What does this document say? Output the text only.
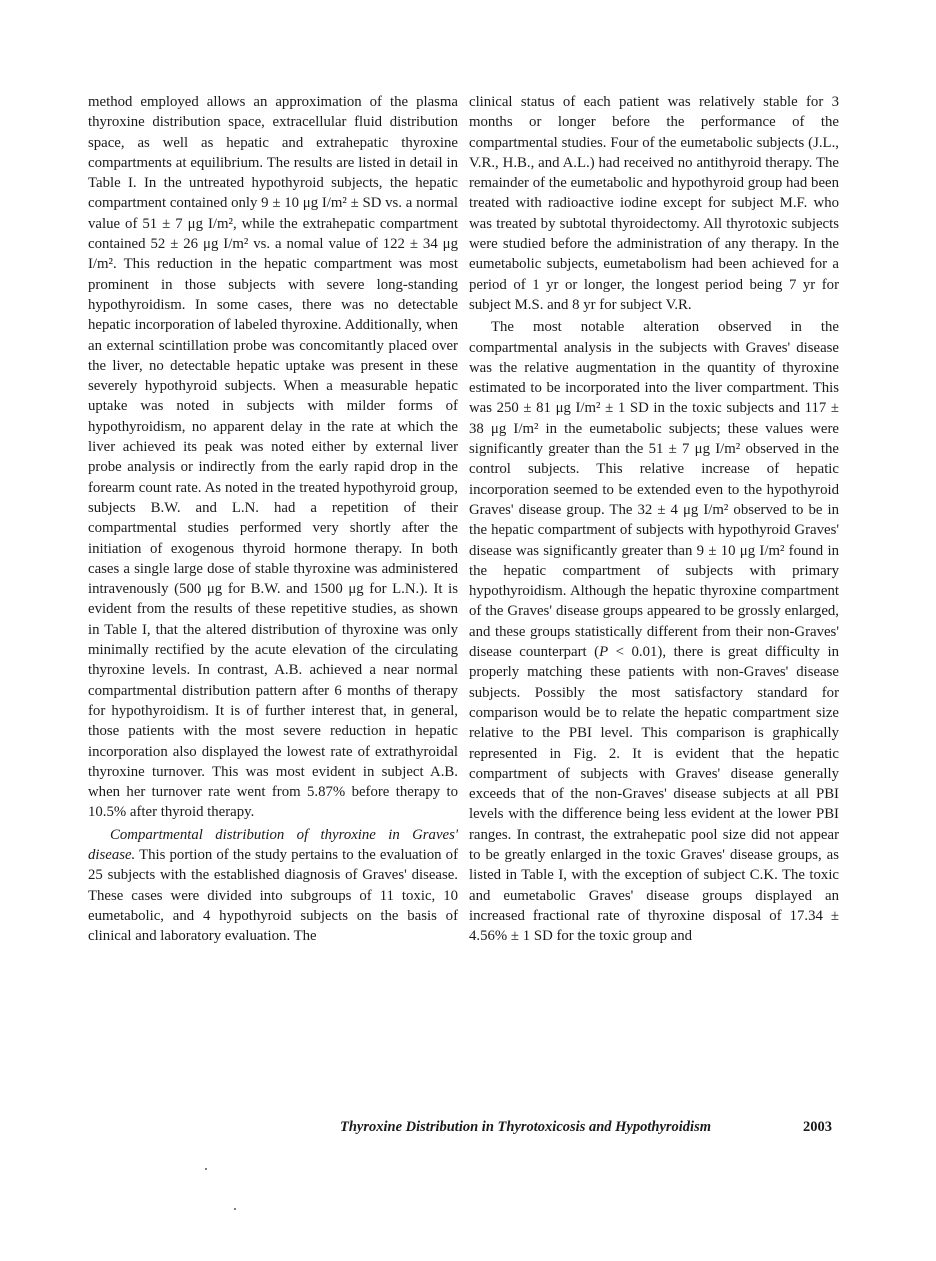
method employed allows an approximation of the plasma thyroxine distribution space, extracellular fluid distribution space, as well as hepatic and extrahepatic thyroxine compartments at equilibrium. The results are listed in detail in Table I. In the untreated hypothyroid subjects, the hepatic compartment contained only 9 ± 10 μg I/m² ± SD vs. a normal value of 51 ± 7 μg I/m², while the extrahepatic compartment contained 52 ± 26 μg I/m² vs. a nomal value of 122 ± 34 μg I/m². This reduction in the hepatic compartment was most prominent in those subjects with severe long-standing hypothyroidism. In some cases, there was no detectable hepatic incorporation of labeled thyroxine. Additionally, when an external scintillation probe was concomitantly placed over the liver, no detectable hepatic uptake was present in these severely hypothyroid subjects. When a measurable hepatic uptake was noted in subjects with milder forms of hypothyroidism, no apparent delay in the rate at which the liver achieved its peak was noted either by external liver probe analysis or indirectly from the early rapid drop in the forearm count rate. As noted in the treated hypothyroid group, subjects B.W. and L.N. had a repetition of their compartmental studies performed very shortly after the initiation of exogenous thyroid hormone therapy. In both cases a single large dose of stable thyroxine was administered intravenously (500 μg for B.W. and 1500 μg for L.N.). It is evident from the results of these repetitive studies, as shown in Table I, that the altered distribution of thyroxine was only minimally rectified by the acute elevation of the circulating thyroxine levels. In contrast, A.B. achieved a near normal compartmental distribution pattern after 6 months of therapy for hypothyroidism. It is of further interest that, in general, those patients with the most severe reduction in hepatic incorporation also displayed the lowest rate of extrathyroidal thyroxine turnover. This was most evident in subject A.B. when her turnover rate went from 5.87% before therapy to 10.5% after thyroid therapy.

Compartmental distribution of thyroxine in Graves' disease. This portion of the study pertains to the evaluation of 25 subjects with the established diagnosis of Graves' disease. These cases were divided into subgroups of 11 toxic, 10 eumetabolic, and 4 hypothyroid subjects on the basis of clinical and laboratory evaluation. The

clinical status of each patient was relatively stable for 3 months or longer before the performance of the compartmental studies. Four of the eumetabolic subjects (J.L., V.R., H.B., and A.L.) had received no antithyroid therapy. The remainder of the eumetabolic and hypothyroid group had been treated with radioactive iodine except for subject M.F. who was treated by subtotal thyroidectomy. All thyrotoxic subjects were studied before the administration of any therapy. In the eumetabolic subjects, eumetabolism had been achieved for a period of 1 yr or longer, the longest period being 7 yr for subject M.S. and 8 yr for subject V.R.

The most notable alteration observed in the compartmental analysis in the subjects with Graves' disease was the relative augmentation in the quantity of thyroxine estimated to be incorporated into the liver compartment. This was 250 ± 81 μg I/m² ± 1 SD in the toxic subjects and 117 ± 38 μg I/m² in the eumetabolic subjects; these values were significantly greater than the 51 ± 7 μg I/m² observed in the control subjects. This relative increase of hepatic incorporation seemed to be extended even to the hypothyroid Graves' disease group. The 32 ± 4 μg I/m² observed to be in the hepatic compartment of subjects with hypothyroid Graves' disease was significantly greater than 9 ± 10 μg I/m² found in the hepatic compartment of subjects with primary hypothyroidism. Although the hepatic thyroxine compartment of the Graves' disease groups appeared to be grossly enlarged, and these groups statistically different from their non-Graves' disease counterpart (P < 0.01), there is great difficulty in properly matching these patients with non-Graves' disease subjects. Possibly the most satisfactory standard for comparison would be to relate the hepatic compartment size relative to the PBI level. This comparison is graphically represented in Fig. 2. It is evident that the hepatic compartment of subjects with Graves' disease generally exceeds that of the non-Graves' disease subjects at all PBI levels with the difference being less evident at the lower PBI ranges. In contrast, the extrahepatic pool size did not appear to be greatly enlarged in the toxic Graves' disease groups, as listed in Table I, with the exception of subject C.K. The toxic and eumetabolic Graves' disease groups displayed an increased fractional rate of thyroxine disposal of 17.34 ± 4.56% ± 1 SD for the toxic group and

Thyroxine Distribution in Thyrotoxicosis and Hypothyroidism	2003
